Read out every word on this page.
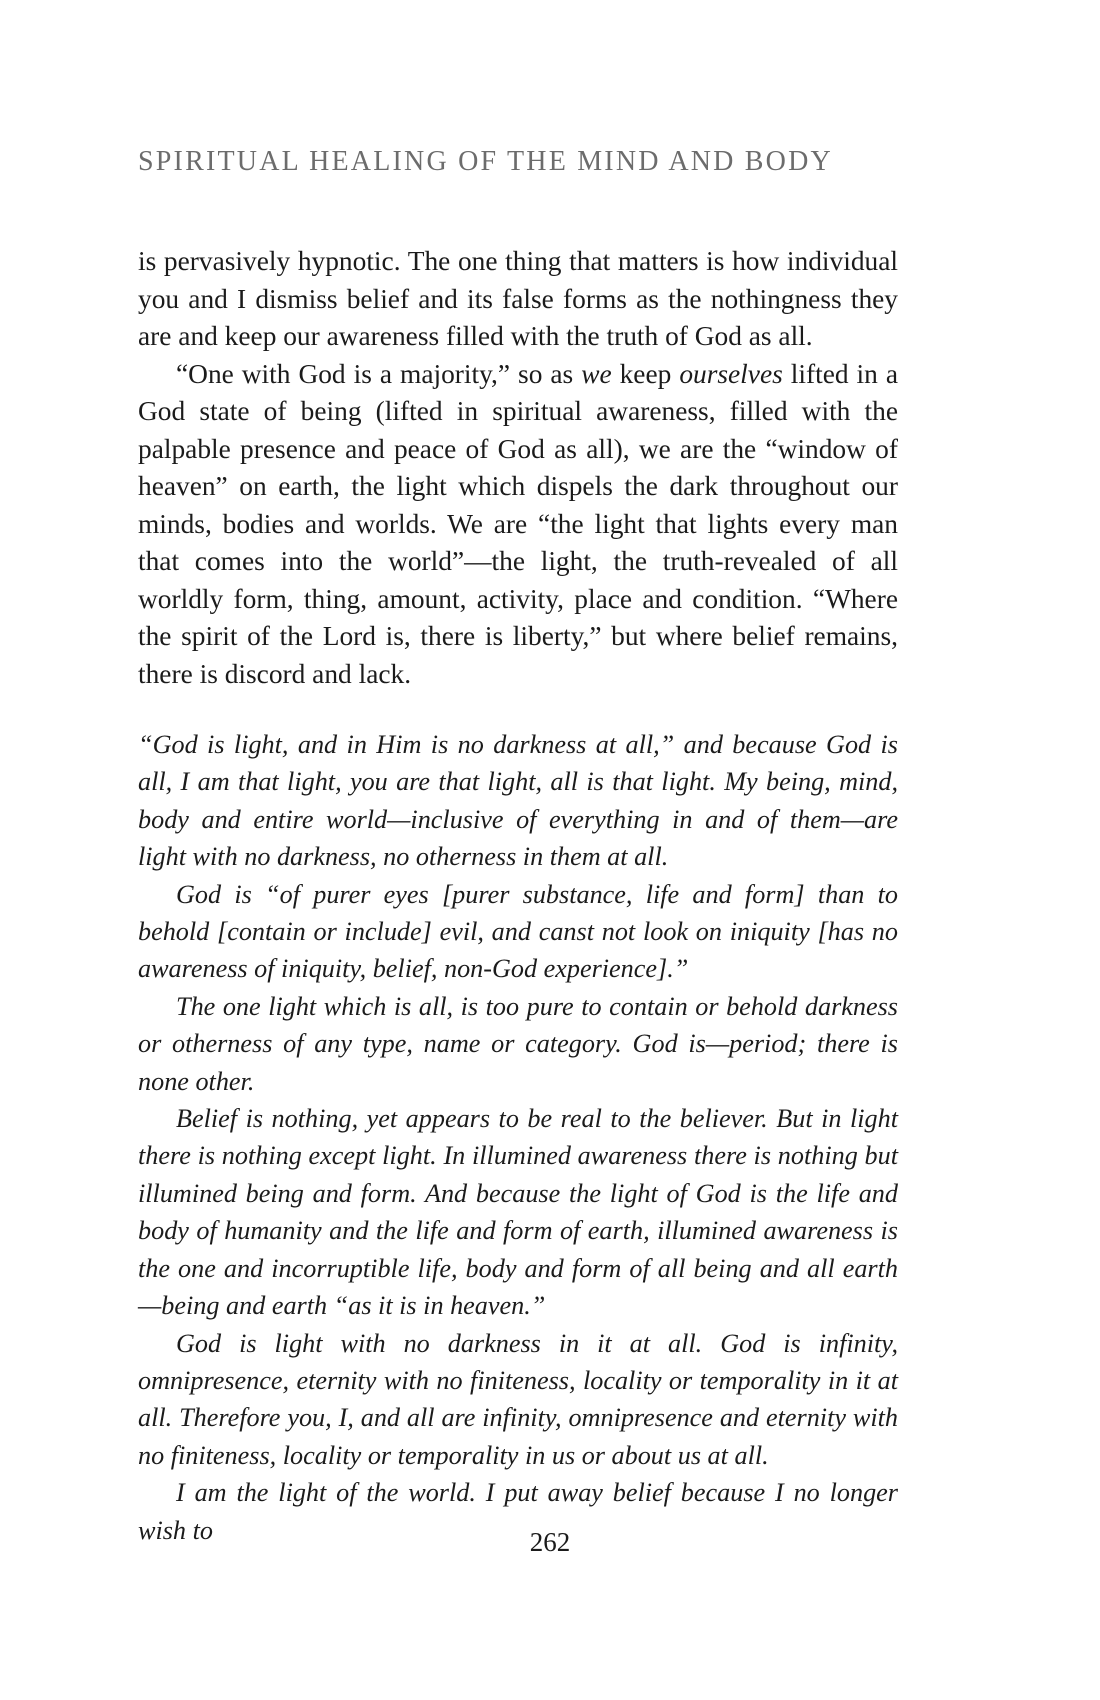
SPIRITUAL HEALING OF THE MIND AND BODY

is pervasively hypnotic. The one thing that matters is how individual you and I dismiss belief and its false forms as the nothingness they are and keep our awareness filled with the truth of God as all.

“One with God is a majority,” so as we keep ourselves lifted in a God state of being (lifted in spiritual awareness, filled with the palpable presence and peace of God as all), we are the “window of heaven” on earth, the light which dispels the dark throughout our minds, bodies and worlds. We are “the light that lights every man that comes into the world”—the light, the truth-revealed of all worldly form, thing, amount, activity, place and condition. “Where the spirit of the Lord is, there is liberty,” but where belief remains, there is discord and lack.

“God is light, and in Him is no darkness at all,” and because God is all, I am that light, you are that light, all is that light. My being, mind, body and entire world—inclusive of everything in and of them—are light with no darkness, no otherness in them at all.

God is “of purer eyes [purer substance, life and form] than to behold [contain or include] evil, and canst not look on iniquity [has no awareness of iniquity, belief, non-God experience].”

The one light which is all, is too pure to contain or behold darkness or otherness of any type, name or category. God is—period; there is none other.

Belief is nothing, yet appears to be real to the believer. But in light there is nothing except light. In illumined awareness there is nothing but illumined being and form. And because the light of God is the life and body of humanity and the life and form of earth, illumined awareness is the one and incorruptible life, body and form of all being and all earth—being and earth “as it is in heaven.”

God is light with no darkness in it at all. God is infinity, omnipresence, eternity with no finiteness, locality or temporality in it at all. Therefore you, I, and all are infinity, omnipresence and eternity with no finiteness, locality or temporality in us or about us at all.

I am the light of the world. I put away belief because I no longer wish to	262
